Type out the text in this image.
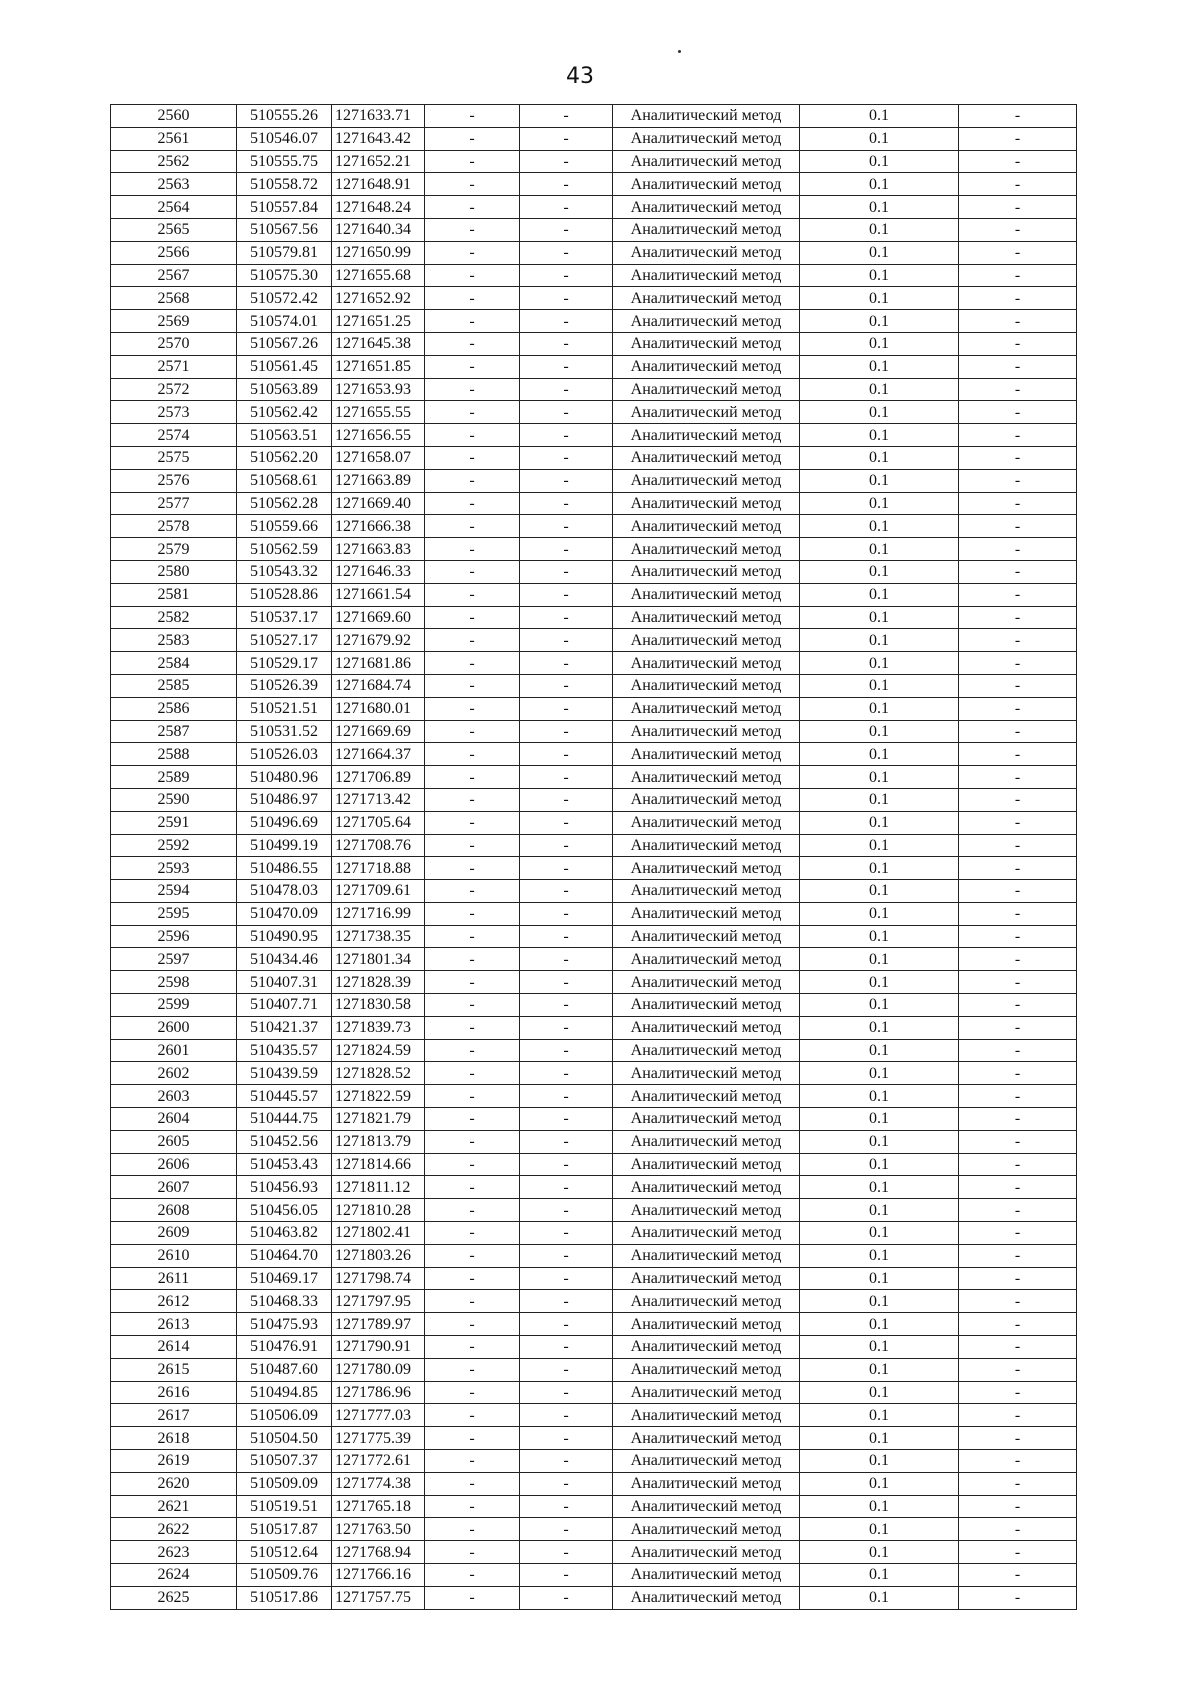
43
2560	510555.26	1271633.71	-	-	Аналитический метод	0.1	-
2561	510546.07	1271643.42	-	-	Аналитический метод	0.1	-
2562	510555.75	1271652.21	-	-	Аналитический метод	0.1	-
2563	510558.72	1271648.91	-	-	Аналитический метод	0.1	-
2564	510557.84	1271648.24	-	-	Аналитический метод	0.1	-
2565	510567.56	1271640.34	-	-	Аналитический метод	0.1	-
2566	510579.81	1271650.99	-	-	Аналитический метод	0.1	-
2567	510575.30	1271655.68	-	-	Аналитический метод	0.1	-
2568	510572.42	1271652.92	-	-	Аналитический метод	0.1	-
2569	510574.01	1271651.25	-	-	Аналитический метод	0.1	-
2570	510567.26	1271645.38	-	-	Аналитический метод	0.1	-
2571	510561.45	1271651.85	-	-	Аналитический метод	0.1	-
2572	510563.89	1271653.93	-	-	Аналитический метод	0.1	-
2573	510562.42	1271655.55	-	-	Аналитический метод	0.1	-
2574	510563.51	1271656.55	-	-	Аналитический метод	0.1	-
2575	510562.20	1271658.07	-	-	Аналитический метод	0.1	-
2576	510568.61	1271663.89	-	-	Аналитический метод	0.1	-
2577	510562.28	1271669.40	-	-	Аналитический метод	0.1	-
2578	510559.66	1271666.38	-	-	Аналитический метод	0.1	-
2579	510562.59	1271663.83	-	-	Аналитический метод	0.1	-
2580	510543.32	1271646.33	-	-	Аналитический метод	0.1	-
2581	510528.86	1271661.54	-	-	Аналитический метод	0.1	-
2582	510537.17	1271669.60	-	-	Аналитический метод	0.1	-
2583	510527.17	1271679.92	-	-	Аналитический метод	0.1	-
2584	510529.17	1271681.86	-	-	Аналитический метод	0.1	-
2585	510526.39	1271684.74	-	-	Аналитический метод	0.1	-
2586	510521.51	1271680.01	-	-	Аналитический метод	0.1	-
2587	510531.52	1271669.69	-	-	Аналитический метод	0.1	-
2588	510526.03	1271664.37	-	-	Аналитический метод	0.1	-
2589	510480.96	1271706.89	-	-	Аналитический метод	0.1	-
2590	510486.97	1271713.42	-	-	Аналитический метод	0.1	-
2591	510496.69	1271705.64	-	-	Аналитический метод	0.1	-
2592	510499.19	1271708.76	-	-	Аналитический метод	0.1	-
2593	510486.55	1271718.88	-	-	Аналитический метод	0.1	-
2594	510478.03	1271709.61	-	-	Аналитический метод	0.1	-
2595	510470.09	1271716.99	-	-	Аналитический метод	0.1	-
2596	510490.95	1271738.35	-	-	Аналитический метод	0.1	-
2597	510434.46	1271801.34	-	-	Аналитический метод	0.1	-
2598	510407.31	1271828.39	-	-	Аналитический метод	0.1	-
2599	510407.71	1271830.58	-	-	Аналитический метод	0.1	-
2600	510421.37	1271839.73	-	-	Аналитический метод	0.1	-
2601	510435.57	1271824.59	-	-	Аналитический метод	0.1	-
2602	510439.59	1271828.52	-	-	Аналитический метод	0.1	-
2603	510445.57	1271822.59	-	-	Аналитический метод	0.1	-
2604	510444.75	1271821.79	-	-	Аналитический метод	0.1	-
2605	510452.56	1271813.79	-	-	Аналитический метод	0.1	-
2606	510453.43	1271814.66	-	-	Аналитический метод	0.1	-
2607	510456.93	1271811.12	-	-	Аналитический метод	0.1	-
2608	510456.05	1271810.28	-	-	Аналитический метод	0.1	-
2609	510463.82	1271802.41	-	-	Аналитический метод	0.1	-
2610	510464.70	1271803.26	-	-	Аналитический метод	0.1	-
2611	510469.17	1271798.74	-	-	Аналитический метод	0.1	-
2612	510468.33	1271797.95	-	-	Аналитический метод	0.1	-
2613	510475.93	1271789.97	-	-	Аналитический метод	0.1	-
2614	510476.91	1271790.91	-	-	Аналитический метод	0.1	-
2615	510487.60	1271780.09	-	-	Аналитический метод	0.1	-
2616	510494.85	1271786.96	-	-	Аналитический метод	0.1	-
2617	510506.09	1271777.03	-	-	Аналитический метод	0.1	-
2618	510504.50	1271775.39	-	-	Аналитический метод	0.1	-
2619	510507.37	1271772.61	-	-	Аналитический метод	0.1	-
2620	510509.09	1271774.38	-	-	Аналитический метод	0.1	-
2621	510519.51	1271765.18	-	-	Аналитический метод	0.1	-
2622	510517.87	1271763.50	-	-	Аналитический метод	0.1	-
2623	510512.64	1271768.94	-	-	Аналитический метод	0.1	-
2624	510509.76	1271766.16	-	-	Аналитический метод	0.1	-
2625	510517.86	1271757.75	-	-	Аналитический метод	0.1	-
